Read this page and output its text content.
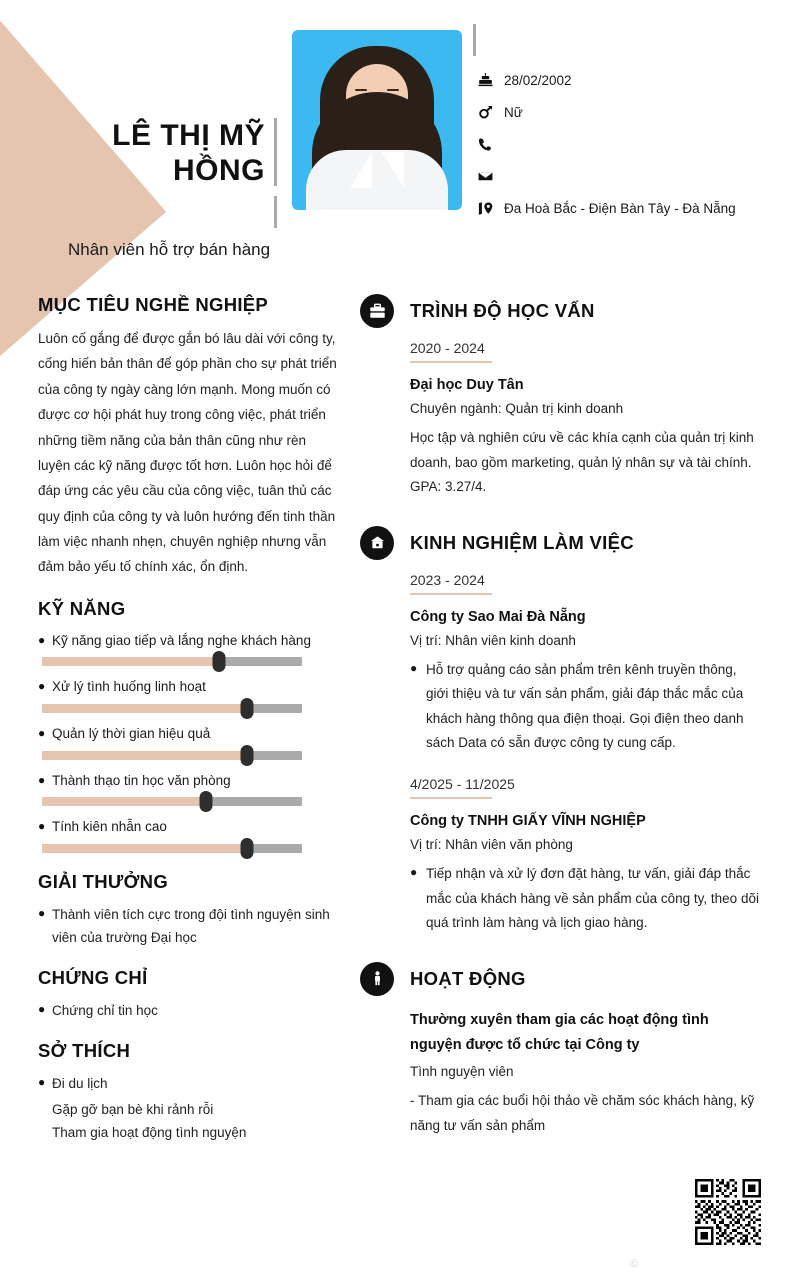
LÊ THỊ MỸ
HỒNG
28/02/2002
Nữ
Đa Hoà Bắc - Điện Bàn Tây - Đà Nẵng
Nhân viên hỗ trợ bán hàng
MỤC TIÊU NGHỀ NGHIỆP
Luôn cố gắng để được gắn bó lâu dài với công ty, cống hiến bản thân để góp phần cho sự phát triển của công ty ngày càng lớn mạnh. Mong muốn có được cơ hội phát huy trong công việc, phát triển những tiềm năng của bản thân cũng như rèn luyện các kỹ năng được tốt hơn. Luôn học hỏi để đáp ứng các yêu cầu của công việc, tuân thủ các quy định của công ty và luôn hướng đến tinh thần làm việc nhanh nhẹn, chuyên nghiệp nhưng vẫn đảm bảo yếu tố chính xác, ổn định.
KỸ NĂNG
● Kỹ năng giao tiếp và lắng nghe khách hàng
● Xử lý tình huống linh hoạt
● Quản lý thời gian hiệu quả
● Thành thạo tin học văn phòng
● Tính kiên nhẫn cao
GIẢI THƯỞNG
● Thành viên tích cực trong đội tình nguyện sinh viên của trường Đại học
CHỨNG CHỈ
● Chứng chỉ tin học
SỞ THÍCH
● Đi du lịch
Gặp gỡ bạn bè khi rảnh rỗi
Tham gia hoạt động tình nguyện
TRÌNH ĐỘ HỌC VẤN
2020 - 2024
Đại học Duy Tân
Chuyên ngành: Quản trị kinh doanh
Học tập và nghiên cứu về các khía cạnh của quản trị kinh doanh, bao gồm marketing, quản lý nhân sự và tài chính. GPA: 3.27/4.
KINH NGHIỆM LÀM VIỆC
2023 - 2024
Công ty Sao Mai Đà Nẵng
Vị trí: Nhân viên kinh doanh
● Hỗ trợ quảng cáo sản phẩm trên kênh truyền thông, giới thiệu và tư vấn sản phẩm, giải đáp thắc mắc của khách hàng thông qua điện thoại. Gọi điện theo danh sách Data có sẵn được công ty cung cấp.
4/2025 - 11/2025
Công ty TNHH GIẤY VĨNH NGHIỆP
Vị trí: Nhân viên văn phòng
● Tiếp nhận và xử lý đơn đặt hàng, tư vấn, giải đáp thắc mắc của khách hàng về sản phẩm của công ty, theo dõi quá trình làm hàng và lịch giao hàng.
HOẠT ĐỘNG
Thường xuyên tham gia các hoạt động tình nguyện được tổ chức tại Công ty
Tình nguyện viên
- Tham gia các buổi hội thảo về chăm sóc khách hàng, kỹ năng tư vấn sản phẩm
©
